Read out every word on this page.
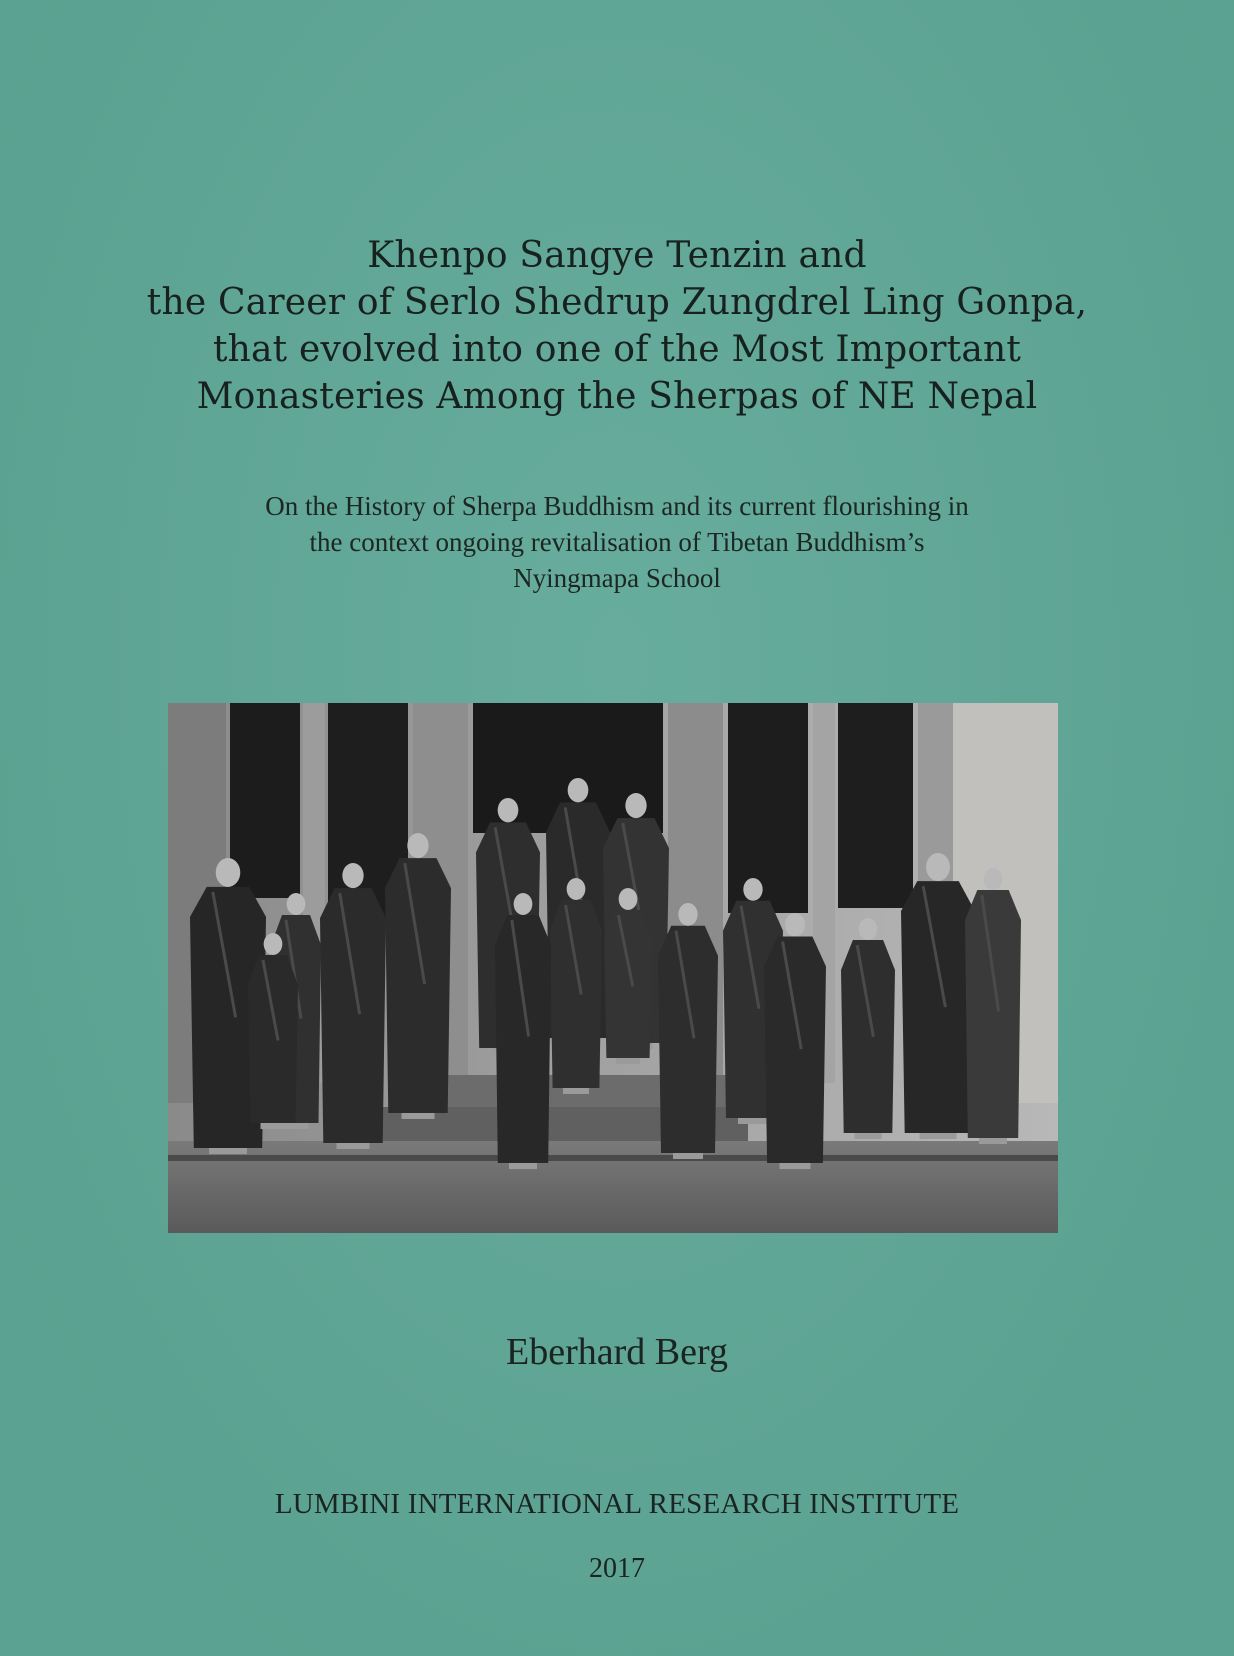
Khenpo Sangye Tenzin and
the Career of Serlo Shedrup Zungdrel Ling Gonpa,
that evolved into one of the Most Important
Monasteries Among the Sherpas of NE Nepal
On the History of Sherpa Buddhism and its current flourishing in
the context ongoing revitalisation of Tibetan Buddhism’s
Nyingmapa School
Eberhard Berg
LUMBINI INTERNATIONAL RESEARCH INSTITUTE
2017
